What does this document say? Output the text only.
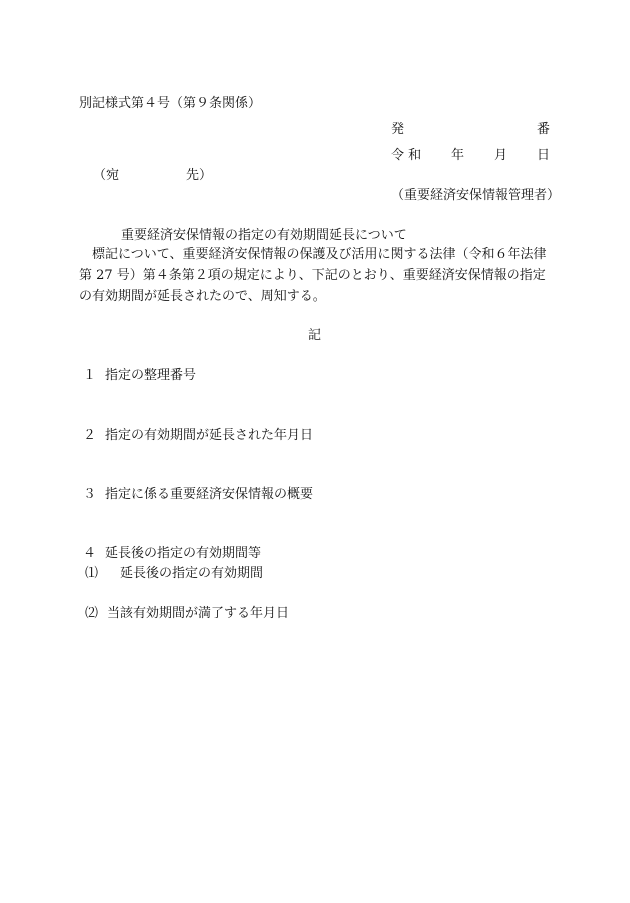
別記様式第４号（第９条関係）
発	番
令 和 年 月 日
（宛	先）
（重要経済安保情報管理者）
重要経済安保情報の指定の有効期間延長について
標記について、重要経済安保情報の保護及び活用に関する法律（令和６年法律第 27 号）第４条第２項の規定により、下記のとおり、重要経済安保情報の指定の有効期間が延長されたので、周知する。
記
１ 指定の整理番号
２ 指定の有効期間が延長された年月日
３ 指定に係る重要経済安保情報の概要
４ 延長後の指定の有効期間等
⑴ 延長後の指定の有効期間
⑵ 当該有効期間が満了する年月日
